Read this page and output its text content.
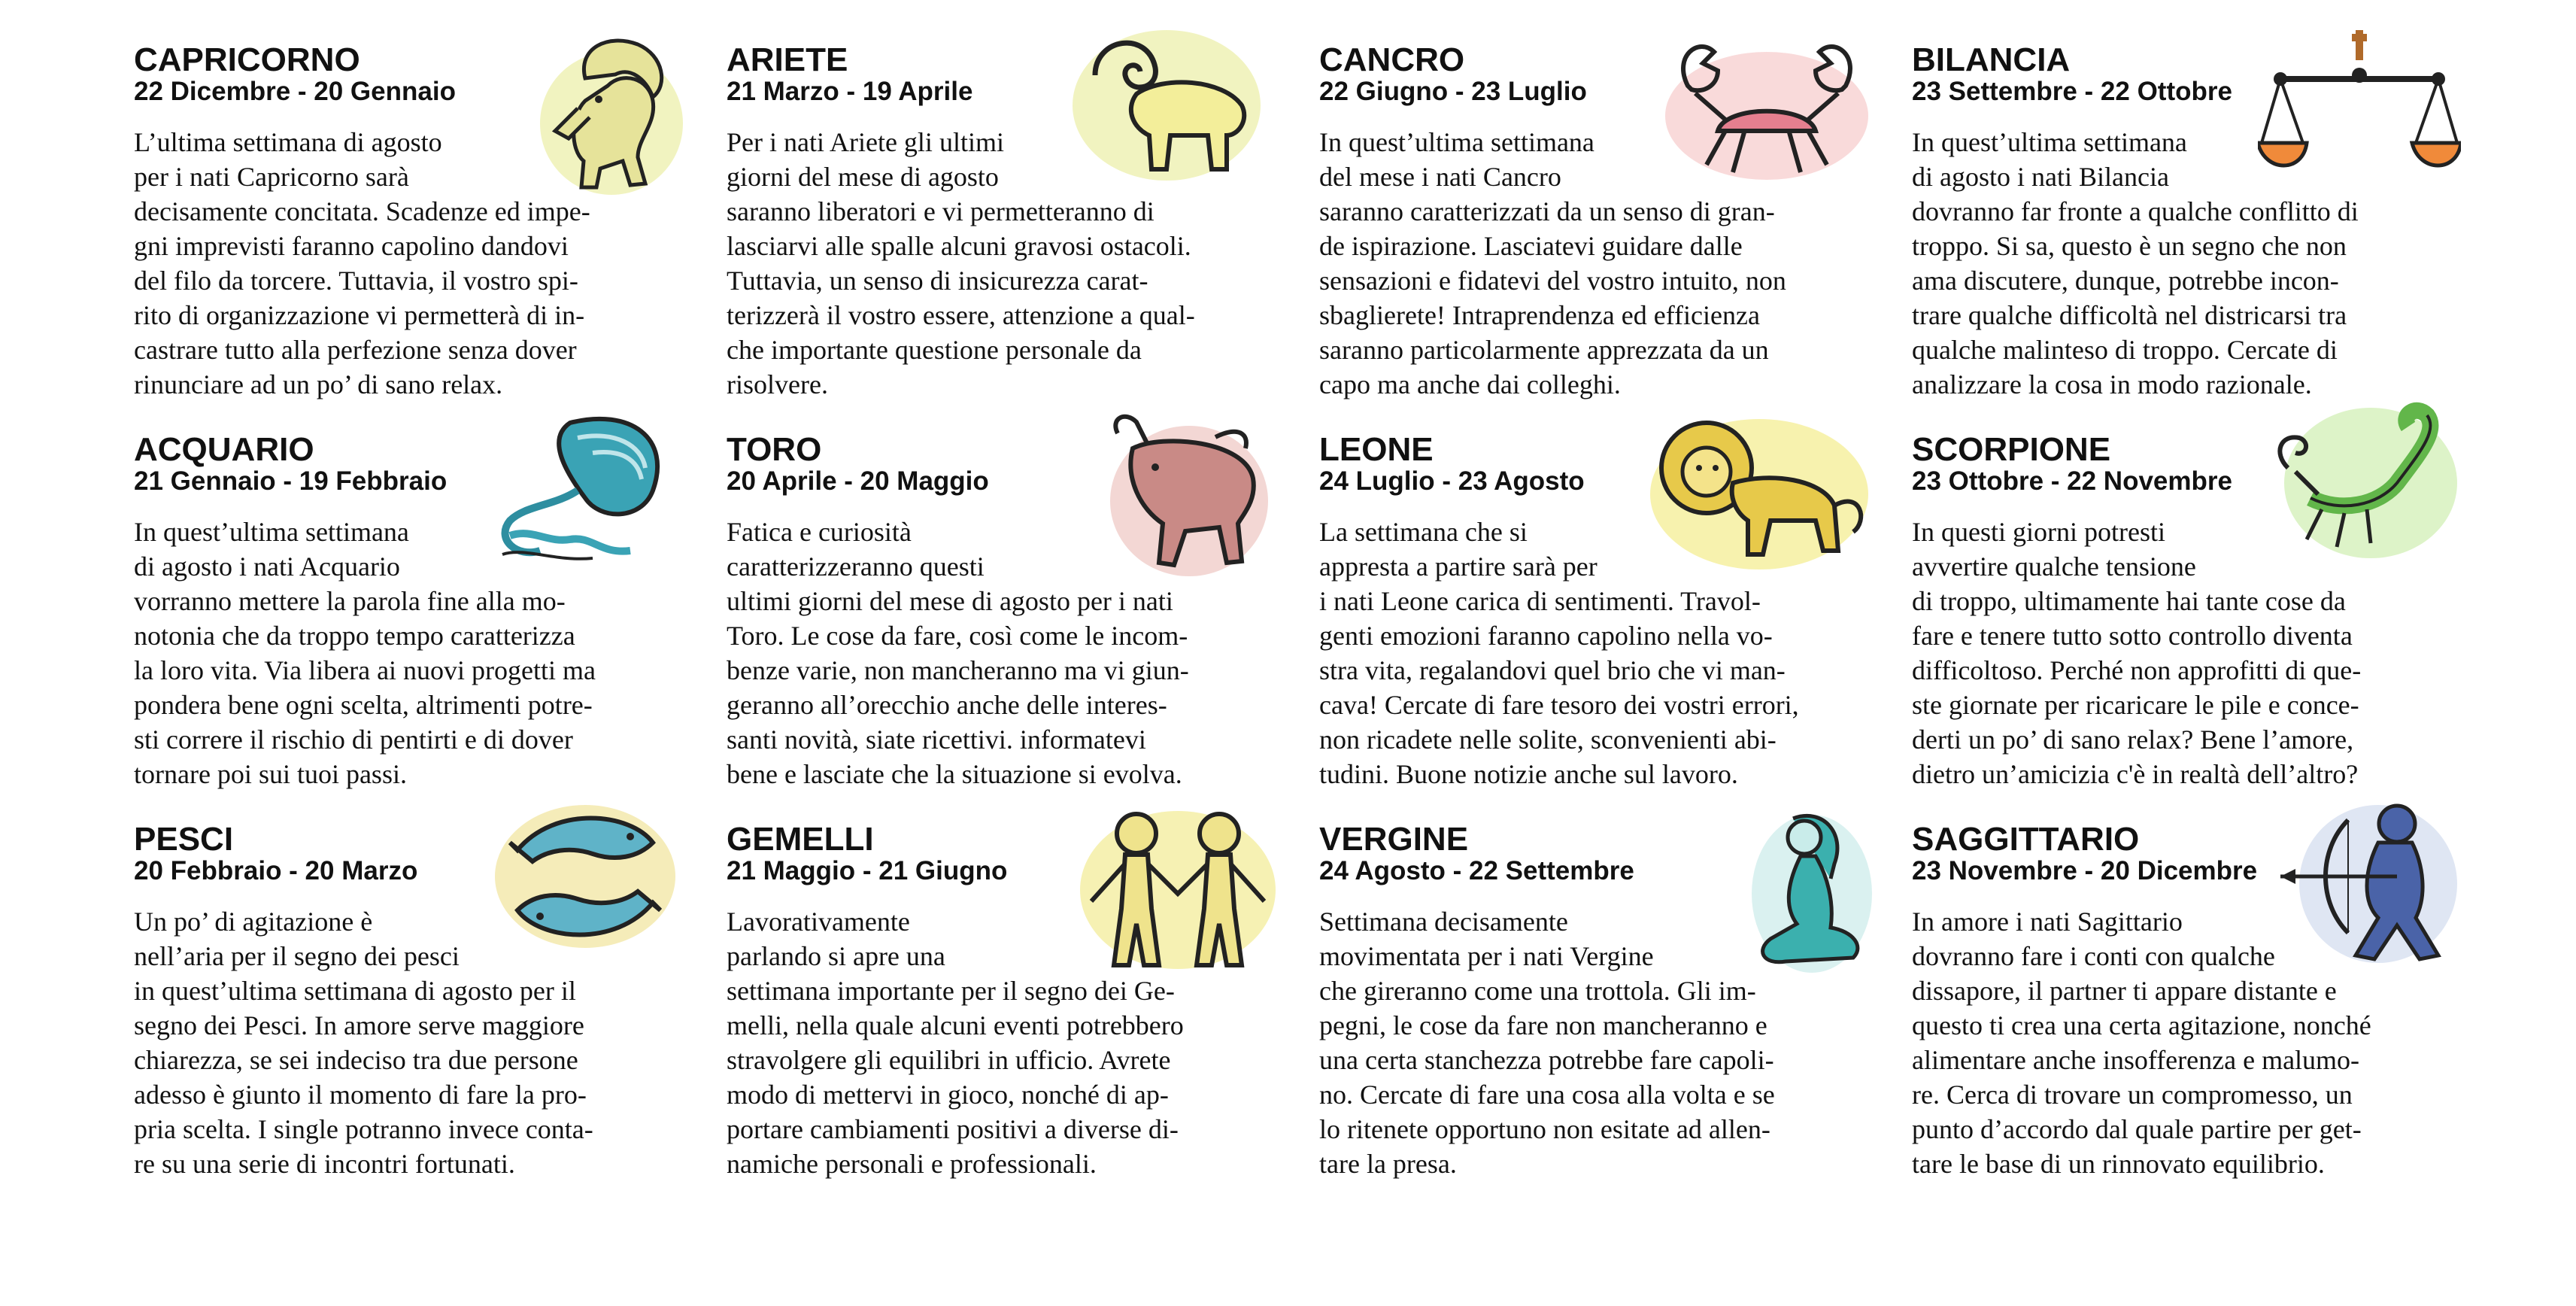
CAPRICORNO
22 Dicembre - 20 Gennaio

L’ultima settimana di agosto
per i nati Capricorno sarà
decisamente concitata. Scadenze ed impe-
gni imprevisti faranno capolino dandovi
del filo da torcere. Tuttavia, il vostro spi-
rito di organizzazione vi permetterà di in-
castrare tutto alla perfezione senza dover
rinunciare ad un po’ di sano relax.

ARIETE
21 Marzo - 19 Aprile

Per i nati Ariete gli ultimi
giorni del mese di agosto
saranno liberatori e vi permetteranno di
lasciarvi alle spalle alcuni gravosi ostacoli.
Tuttavia, un senso di insicurezza carat-
terizzerà il vostro essere, attenzione a qual-
che importante questione personale da
risolvere.

CANCRO
22 Giugno - 23 Luglio

In quest’ultima settimana
del mese i nati Cancro
saranno caratterizzati da un senso di gran-
de ispirazione. Lasciatevi guidare dalle
sensazioni e fidatevi del vostro intuito, non
sbaglierete! Intraprendenza ed efficienza
saranno particolarmente apprezzata da un
capo ma anche dai colleghi.

BILANCIA
23 Settembre - 22 Ottobre

In quest’ultima settimana
di agosto i nati Bilancia
dovranno far fronte a qualche conflitto di
troppo. Si sa, questo è un segno che non
ama discutere, dunque, potrebbe incon-
trare qualche difficoltà nel districarsi tra
qualche malinteso di troppo. Cercate di
analizzare la cosa in modo razionale.

ACQUARIO
21 Gennaio - 19 Febbraio

In quest’ultima settimana
di agosto i nati Acquario
vorranno mettere la parola fine alla mo-
notonia che da troppo tempo caratterizza
la loro vita. Via libera ai nuovi progetti ma
pondera bene ogni scelta, altrimenti potre-
sti correre il rischio di pentirti e di dover
tornare poi sui tuoi passi.

TORO
20 Aprile - 20 Maggio

Fatica e curiosità
caratterizzeranno questi
ultimi giorni del mese di agosto per i nati
Toro. Le cose da fare, così come le incom-
benze varie, non mancheranno ma vi giun-
geranno all’orecchio anche delle interes-
santi novità, siate ricettivi. informatevi
bene e lasciate che la situazione si evolva.

LEONE
24 Luglio - 23 Agosto

La settimana che si
appresta a partire sarà per
i nati Leone carica di sentimenti. Travol-
genti emozioni faranno capolino nella vo-
stra vita, regalandovi quel brio che vi man-
cava! Cercate di fare tesoro dei vostri errori,
non ricadete nelle solite, sconvenienti abi-
tudini. Buone notizie anche sul lavoro.

SCORPIONE
23 Ottobre - 22 Novembre

In questi giorni potresti
avvertire qualche tensione
di troppo, ultimamente hai tante cose da
fare e tenere tutto sotto controllo diventa
difficoltoso. Perché non approfitti di que-
ste giornate per ricaricare le pile e conce-
derti un po’ di sano relax? Bene l’amore,
dietro un’amicizia c'è in realtà dell’altro?

PESCI
20 Febbraio - 20 Marzo

Un po’ di agitazione è
nell’aria per il segno dei pesci
in quest’ultima settimana di agosto per il
segno dei Pesci. In amore serve maggiore
chiarezza, se sei indeciso tra due persone
adesso è giunto il momento di fare la pro-
pria scelta. I single potranno invece conta-
re su una serie di incontri fortunati.

GEMELLI
21 Maggio - 21 Giugno

Lavorativamente
parlando si apre una
settimana importante per il segno dei Ge-
melli, nella quale alcuni eventi potrebbero
stravolgere gli equilibri in ufficio. Avrete
modo di mettervi in gioco, nonché di ap-
portare cambiamenti positivi a diverse di-
namiche personali e professionali.

VERGINE
24 Agosto - 22 Settembre

Settimana decisamente
movimentata per i nati Vergine
che gireranno come una trottola. Gli im-
pegni, le cose da fare non mancheranno e
una certa stanchezza potrebbe fare capoli-
no. Cercate di fare una cosa alla volta e se
lo ritenete opportuno non esitate ad allen-
tare la presa.

SAGGITTARIO
23 Novembre - 20 Dicembre

In amore i nati Sagittario
dovranno fare i conti con qualche
dissapore, il partner ti appare distante e
questo ti crea una certa agitazione, nonché
alimentare anche insofferenza e malumo-
re. Cerca di trovare un compromesso, un
punto d’accordo dal quale partire per get-
tare le base di un rinnovato equilibrio.
